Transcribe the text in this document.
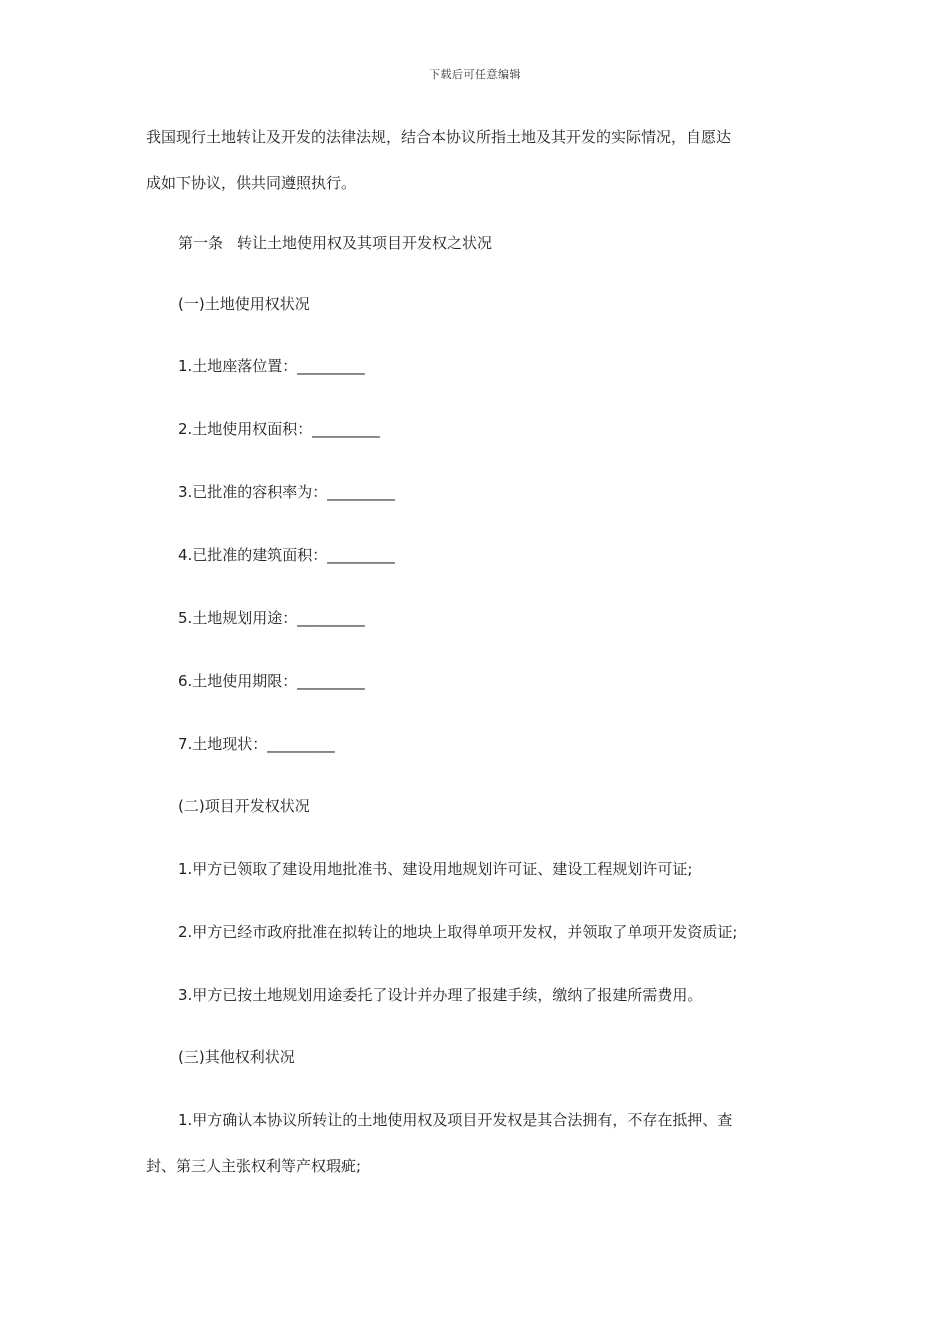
下载后可任意编辑
我国现行土地转让及开发的法律法规，结合本协议所指土地及其开发的实际情况，自愿达
成如下协议，供共同遵照执行。
第一条 转让土地使用权及其项目开发权之状况
(一)土地使用权状况
1.土地座落位置：_________
2.土地使用权面积：_________
3.已批准的容积率为：_________
4.已批准的建筑面积：_________
5.土地规划用途：_________
6.土地使用期限：_________
7.土地现状：_________
(二)项目开发权状况
1.甲方已领取了建设用地批准书、建设用地规划许可证、建设工程规划许可证;
2.甲方已经市政府批准在拟转让的地块上取得单项开发权，并领取了单项开发资质证;
3.甲方已按土地规划用途委托了设计并办理了报建手续，缴纳了报建所需费用。
(三)其他权利状况
1.甲方确认本协议所转让的土地使用权及项目开发权是其合法拥有，不存在抵押、查
封、第三人主张权利等产权瑕疵;
